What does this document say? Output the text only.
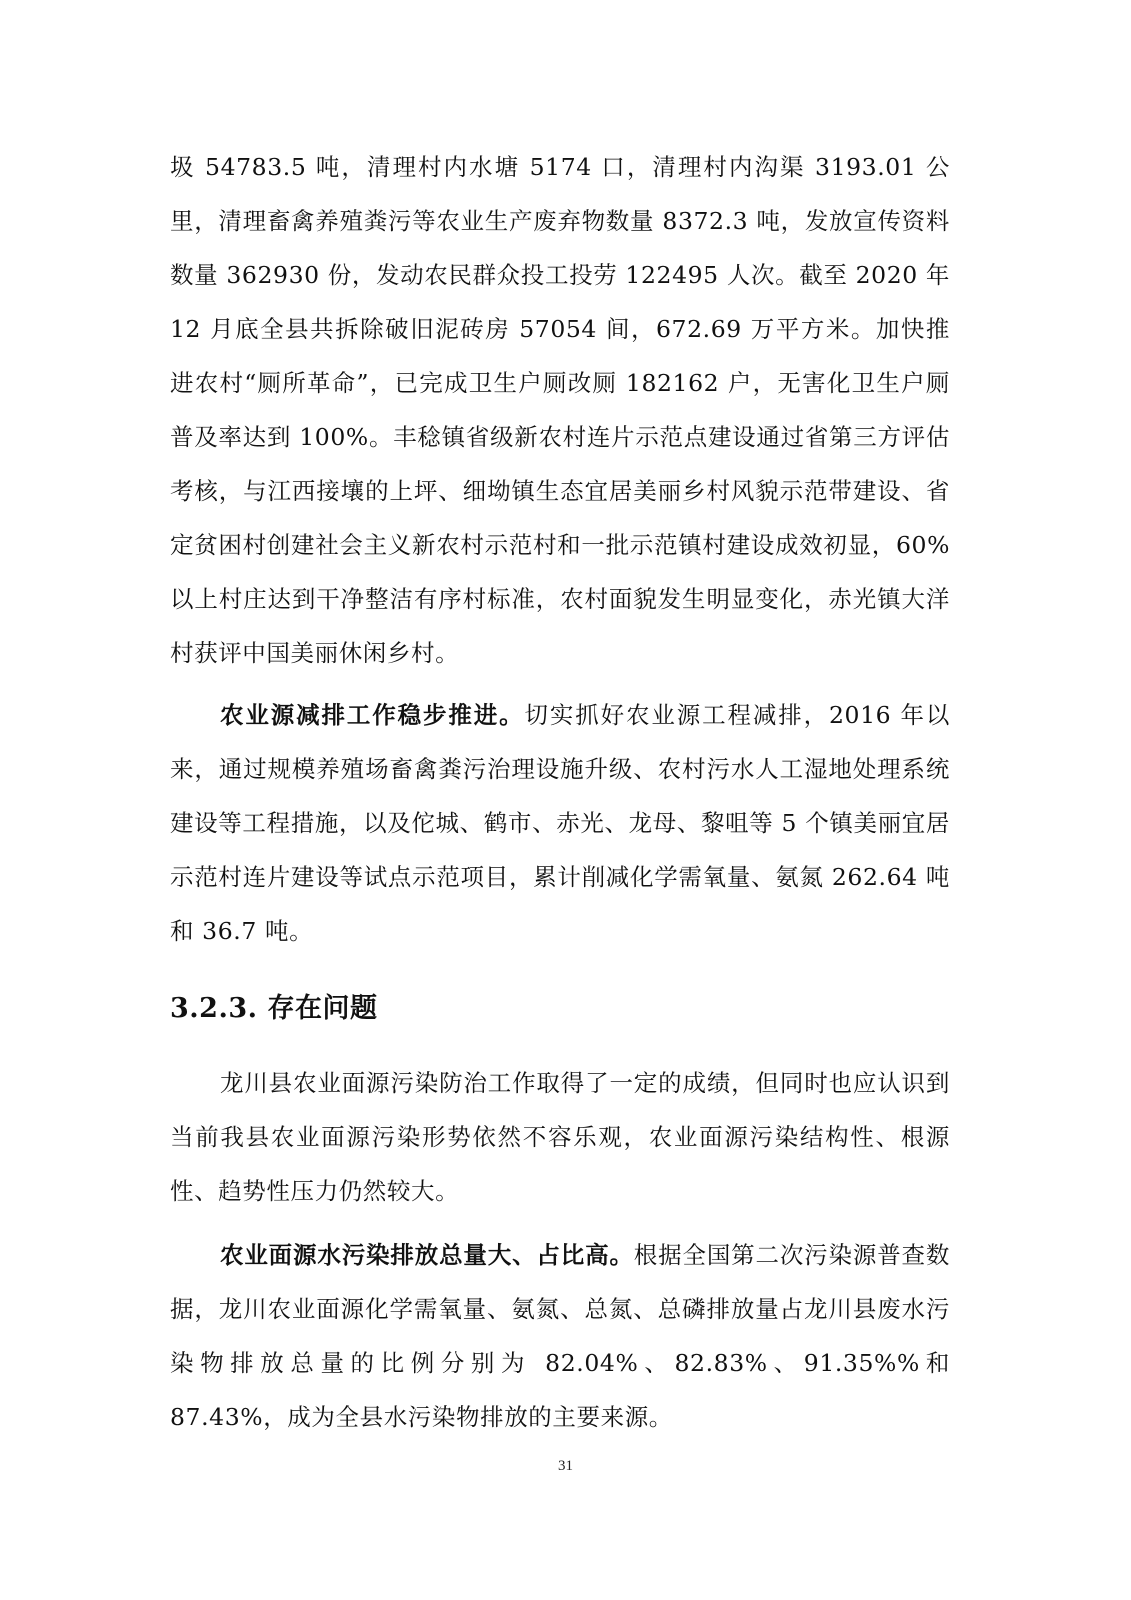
圾 54783.5 吨，清理村内水塘 5174 口，清理村内沟渠 3193.01 公里，清理畜禽养殖粪污等农业生产废弃物数量 8372.3 吨，发放宣传资料数量 362930 份，发动农民群众投工投劳 122495 人次。截至 2020 年 12 月底全县共拆除破旧泥砖房 57054 间，672.69 万平方米。加快推进农村“厕所革命”，已完成卫生户厕改厕 182162 户，无害化卫生户厕普及率达到 100%。丰稔镇省级新农村连片示范点建设通过省第三方评估考核，与江西接壤的上坪、细坳镇生态宜居美丽乡村风貌示范带建设、省定贫困村创建社会主义新农村示范村和一批示范镇村建设成效初显，60%以上村庄达到干净整洁有序村标准，农村面貌发生明显变化，赤光镇大洋村获评中国美丽休闲乡村。

农业源减排工作稳步推进。切实抓好农业源工程减排，2016 年以来，通过规模养殖场畜禽粪污治理设施升级、农村污水人工湿地处理系统建设等工程措施，以及佗城、鹤市、赤光、龙母、黎咀等 5 个镇美丽宜居示范村连片建设等试点示范项目，累计削减化学需氧量、氨氮 262.64 吨和 36.7 吨。

3.2.3. 存在问题

龙川县农业面源污染防治工作取得了一定的成绩，但同时也应认识到当前我县农业面源污染形势依然不容乐观，农业面源污染结构性、根源性、趋势性压力仍然较大。

农业面源水污染排放总量大、占比高。根据全国第二次污染源普查数据，龙川农业面源化学需氧量、氨氮、总氮、总磷排放量占龙川县废水污染物排放总量的比例分别为 82.04%、82.83%、91.35%%和 87.43%，成为全县水污染物排放的主要来源。

31
